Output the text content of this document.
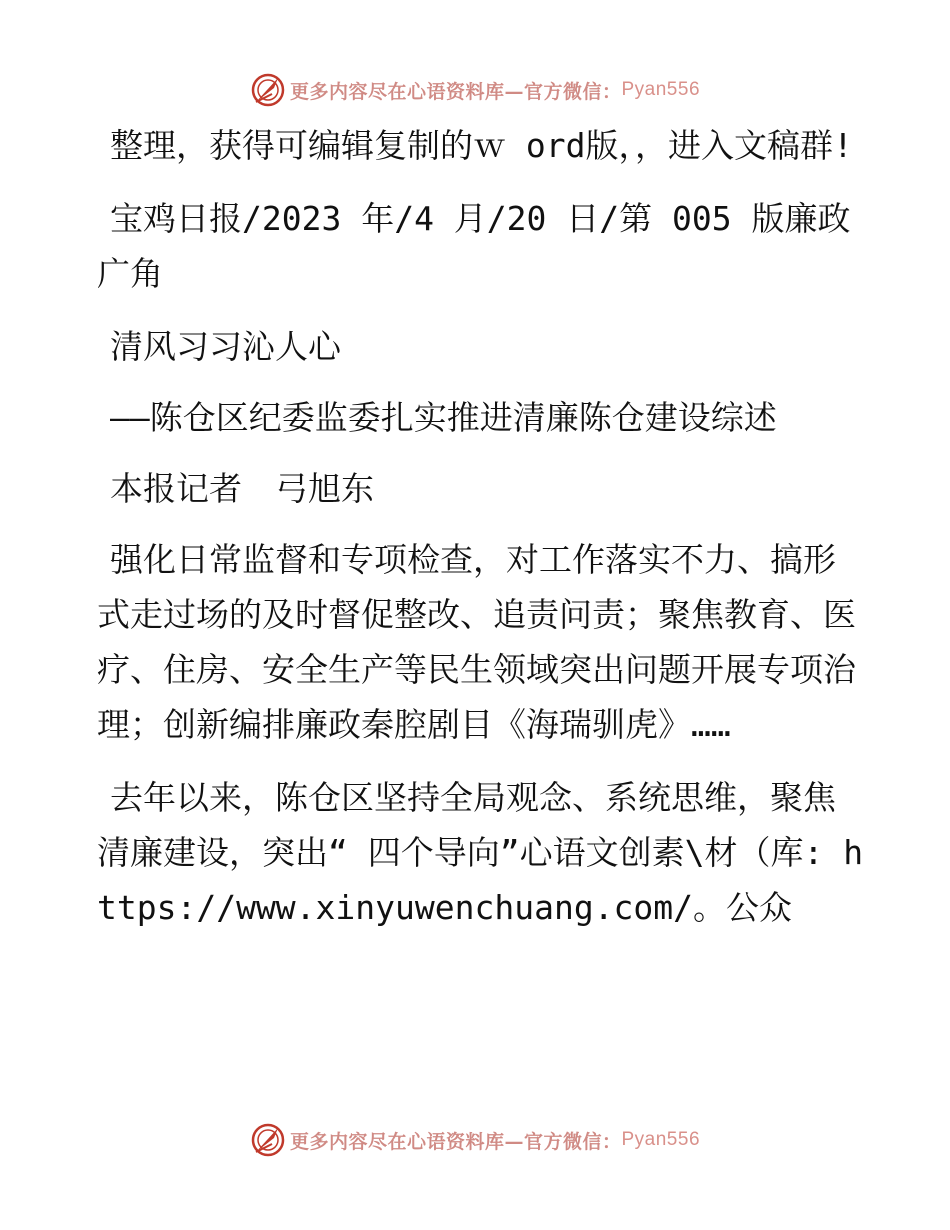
更多内容尽在心语资料库—官方微信： Pyan556

整理，获得可编辑复制的ｗ ord版，，进入文稿群!

宝鸡日报/2023 年/4 月/20 日/第 005 版廉政广角

清风习习沁人心

——陈仓区纪委监委扎实推进清廉陈仓建设综述

本报记者　弓旭东

强化日常监督和专项检查，对工作落实不力、搞形式走过场的及时督促整改、追责问责；聚焦教育、医疗、住房、安全生产等民生领域突出问题开展专项治理；创新编排廉政秦腔剧目《海瑞驯虎》……

去年以来，陈仓区坚持全局观念、系统思维，聚焦清廉建设，突出“ 四个导向”心语文创素\材（库: https://www.xinyuwenchuang.com/。公众

更多内容尽在心语资料库—官方微信： Pyan556
